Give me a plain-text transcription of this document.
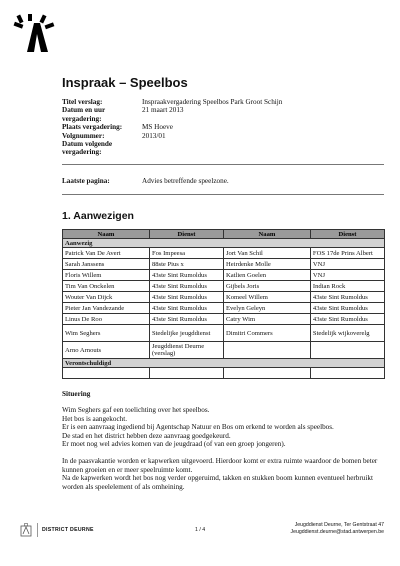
Inspraak – Speelbos
Titel verslag:	Inspraakvergadering Speelbos Park Groot Schijn
Datum en uur vergadering:
21 maart 2013
Plaats vergadering:	MS Hoeve
Volgnummer:	2013/01
Datum volgende vergadering:
Laatste pagina:	Advies betreffende speelzone.
1. Aanwezigen
Naam	Dienst	Naam	Dienst
Aanwezig			
Patrick Van De Avert	Fos Impeesa	Jort Van Schil	FOS 17de Prins Albert
Sarah Janssens	88ste Pius x	Heirdenke Molle	VNJ
Floris Willem	43ste Sint Rumoldus	Katlien Goelen	VNJ
Tim Van Onckelen	43ste Sint Rumoldus	Gijbels Joris	Indian Rock
Wouter Van Dijck	43ste Sint Rumoldus	Komeel Willem	43ste Sint Rumoldus
Pieter Jan Vandezande	43ste Sint Rumoldus	Evelyn Geleyn	43ste Sint Rumoldus
Linus De Roo	43ste Sint Rumoldus	Catry Wim	43ste Sint Rumoldus
Wim Seghers	Stedelijke jeugddienst	Dimitri Commers	Stedelijk wijkoverelg
Arno Arnouts	Jeugddienst Deurne (verslag)		
Verontschuldigd			

Situering
Wim Seghers gaf een toelichting over het speelbos.
Het bos is aangekocht.
Er is een aanvraag ingediend bij Agentschap Natuur en Bos om erkend te worden als speelbos.
De stad en het district hebben deze aanvraag goedgekeurd.
Er moet nog wel advies komen van de jeugdraad (of van een groep jongeren).
In de paasvakantie worden er kapwerken uitgevoerd. Hierdoor komt er extra ruimte waardoor de bomen beter kunnen groeien en er meer speelruimte komt.
Na de kapwerken wordt het bos nog verder opgeruimd, takken en stukken boom kunnen eventueel herbruikt worden als speelelement of als omheining.
DISTRICT DEURNE	1 / 4
Jeugddienst Deurne, Ter Gentstraat 47
Jeugddienst.deurne@stad.antwerpen.be
